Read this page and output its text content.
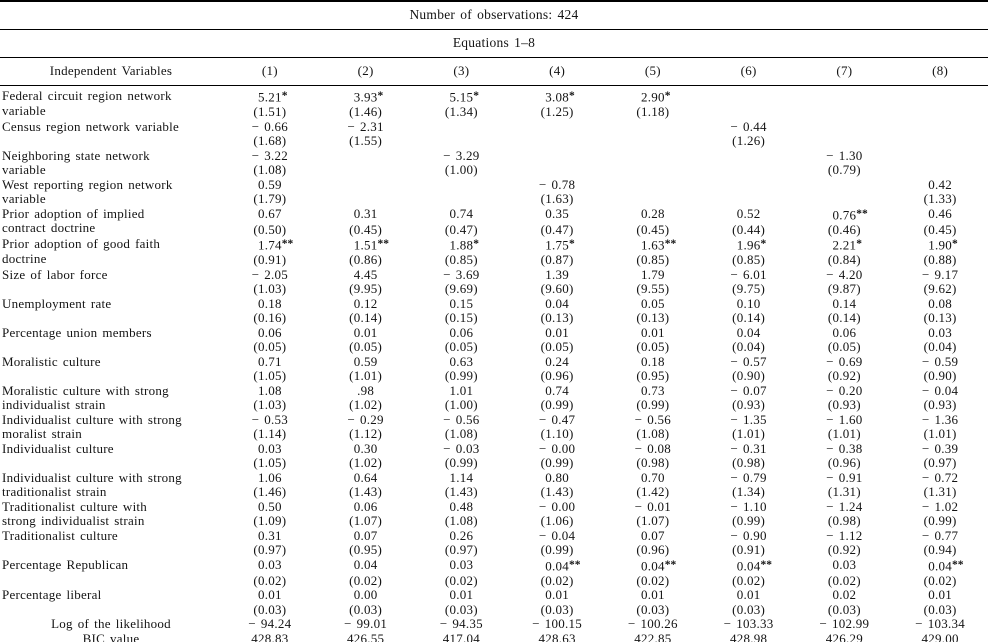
Number of observations: 424								
Equations 1–8								
Independent Variables	(1)	(2)	(3)	(4)	(5)	(6)	(7)	(8)
Federal circuit region network
variable	5.21*	3.93*	5.15*	3.08*	2.90*			
	(1.51)	(1.46)	(1.34)	(1.25)	(1.18)			
Census region network variable	− 0.66	− 2.31				− 0.44		
	(1.68)	(1.55)				(1.26)		
Neighboring state network
variable	− 3.22		− 3.29				− 1.30	
	(1.08)		(1.00)				(0.79)	
West reporting region network
variable	0.59			− 0.78				0.42
	(1.79)			(1.63)				(1.33)
Prior adoption of implied
contract doctrine	0.67	0.31	0.74	0.35	0.28	0.52	0.76**	0.46
	(0.50)	(0.45)	(0.47)	(0.47)	(0.45)	(0.44)	(0.46)	(0.45)
Prior adoption of good faith
doctrine	1.74**	1.51**	1.88*	1.75*	1.63**	1.96*	2.21*	1.90*
	(0.91)	(0.86)	(0.85)	(0.87)	(0.85)	(0.85)	(0.84)	(0.88)
Size of labor force	− 2.05	4.45	− 3.69	1.39	1.79	− 6.01	− 4.20	− 9.17
	(1.03)	(9.95)	(9.69)	(9.60)	(9.55)	(9.75)	(9.87)	(9.62)
Unemployment rate	0.18	0.12	0.15	0.04	0.05	0.10	0.14	0.08
	(0.16)	(0.14)	(0.15)	(0.13)	(0.13)	(0.14)	(0.14)	(0.13)
Percentage union members	0.06	0.01	0.06	0.01	0.01	0.04	0.06	0.03
	(0.05)	(0.05)	(0.05)	(0.05)	(0.05)	(0.04)	(0.05)	(0.04)
Moralistic culture	0.71	0.59	0.63	0.24	0.18	− 0.57	− 0.69	− 0.59
	(1.05)	(1.01)	(0.99)	(0.96)	(0.95)	(0.90)	(0.92)	(0.90)
Moralistic culture with strong
individualist strain	1.08	.98	1.01	0.74	0.73	− 0.07	− 0.20	− 0.04
	(1.03)	(1.02)	(1.00)	(0.99)	(0.99)	(0.93)	(0.93)	(0.93)
Individualist culture with strong
moralist strain	− 0.53	− 0.29	− 0.56	− 0.47	− 0.56	− 1.35	− 1.60	− 1.36
	(1.14)	(1.12)	(1.08)	(1.10)	(1.08)	(1.01)	(1.01)	(1.01)
Individualist culture	0.03	0.30	− 0.03	− 0.00	− 0.08	− 0.31	− 0.38	− 0.39
	(1.05)	(1.02)	(0.99)	(0.99)	(0.98)	(0.98)	(0.96)	(0.97)
Individualist culture with strong
traditionalist strain	1.06	0.64	1.14	0.80	0.70	− 0.79	− 0.91	− 0.72
	(1.46)	(1.43)	(1.43)	(1.43)	(1.42)	(1.34)	(1.31)	(1.31)
Traditionalist culture with
strong individualist strain	0.50	0.06	0.48	− 0.00	− 0.01	− 1.10	− 1.24	− 1.02
	(1.09)	(1.07)	(1.08)	(1.06)	(1.07)	(0.99)	(0.98)	(0.99)
Traditionalist culture	0.31	0.07	0.26	− 0.04	0.07	− 0.90	− 1.12	− 0.77
	(0.97)	(0.95)	(0.97)	(0.99)	(0.96)	(0.91)	(0.92)	(0.94)
Percentage Republican	0.03	0.04	0.03	0.04**	0.04**	0.04**	0.03	0.04**
	(0.02)	(0.02)	(0.02)	(0.02)	(0.02)	(0.02)	(0.02)	(0.02)
Percentage liberal	0.01	0.00	0.01	0.01	0.01	0.01	0.02	0.01
	(0.03)	(0.03)	(0.03)	(0.03)	(0.03)	(0.03)	(0.03)	(0.03)
Log of the likelihood	− 94.24	− 99.01	− 94.35	− 100.15	− 100.26	− 103.33	− 102.99	− 103.34
BIC value	428.83	426.55	417.04	428.63	422.85	428.98	426.29	429.00
